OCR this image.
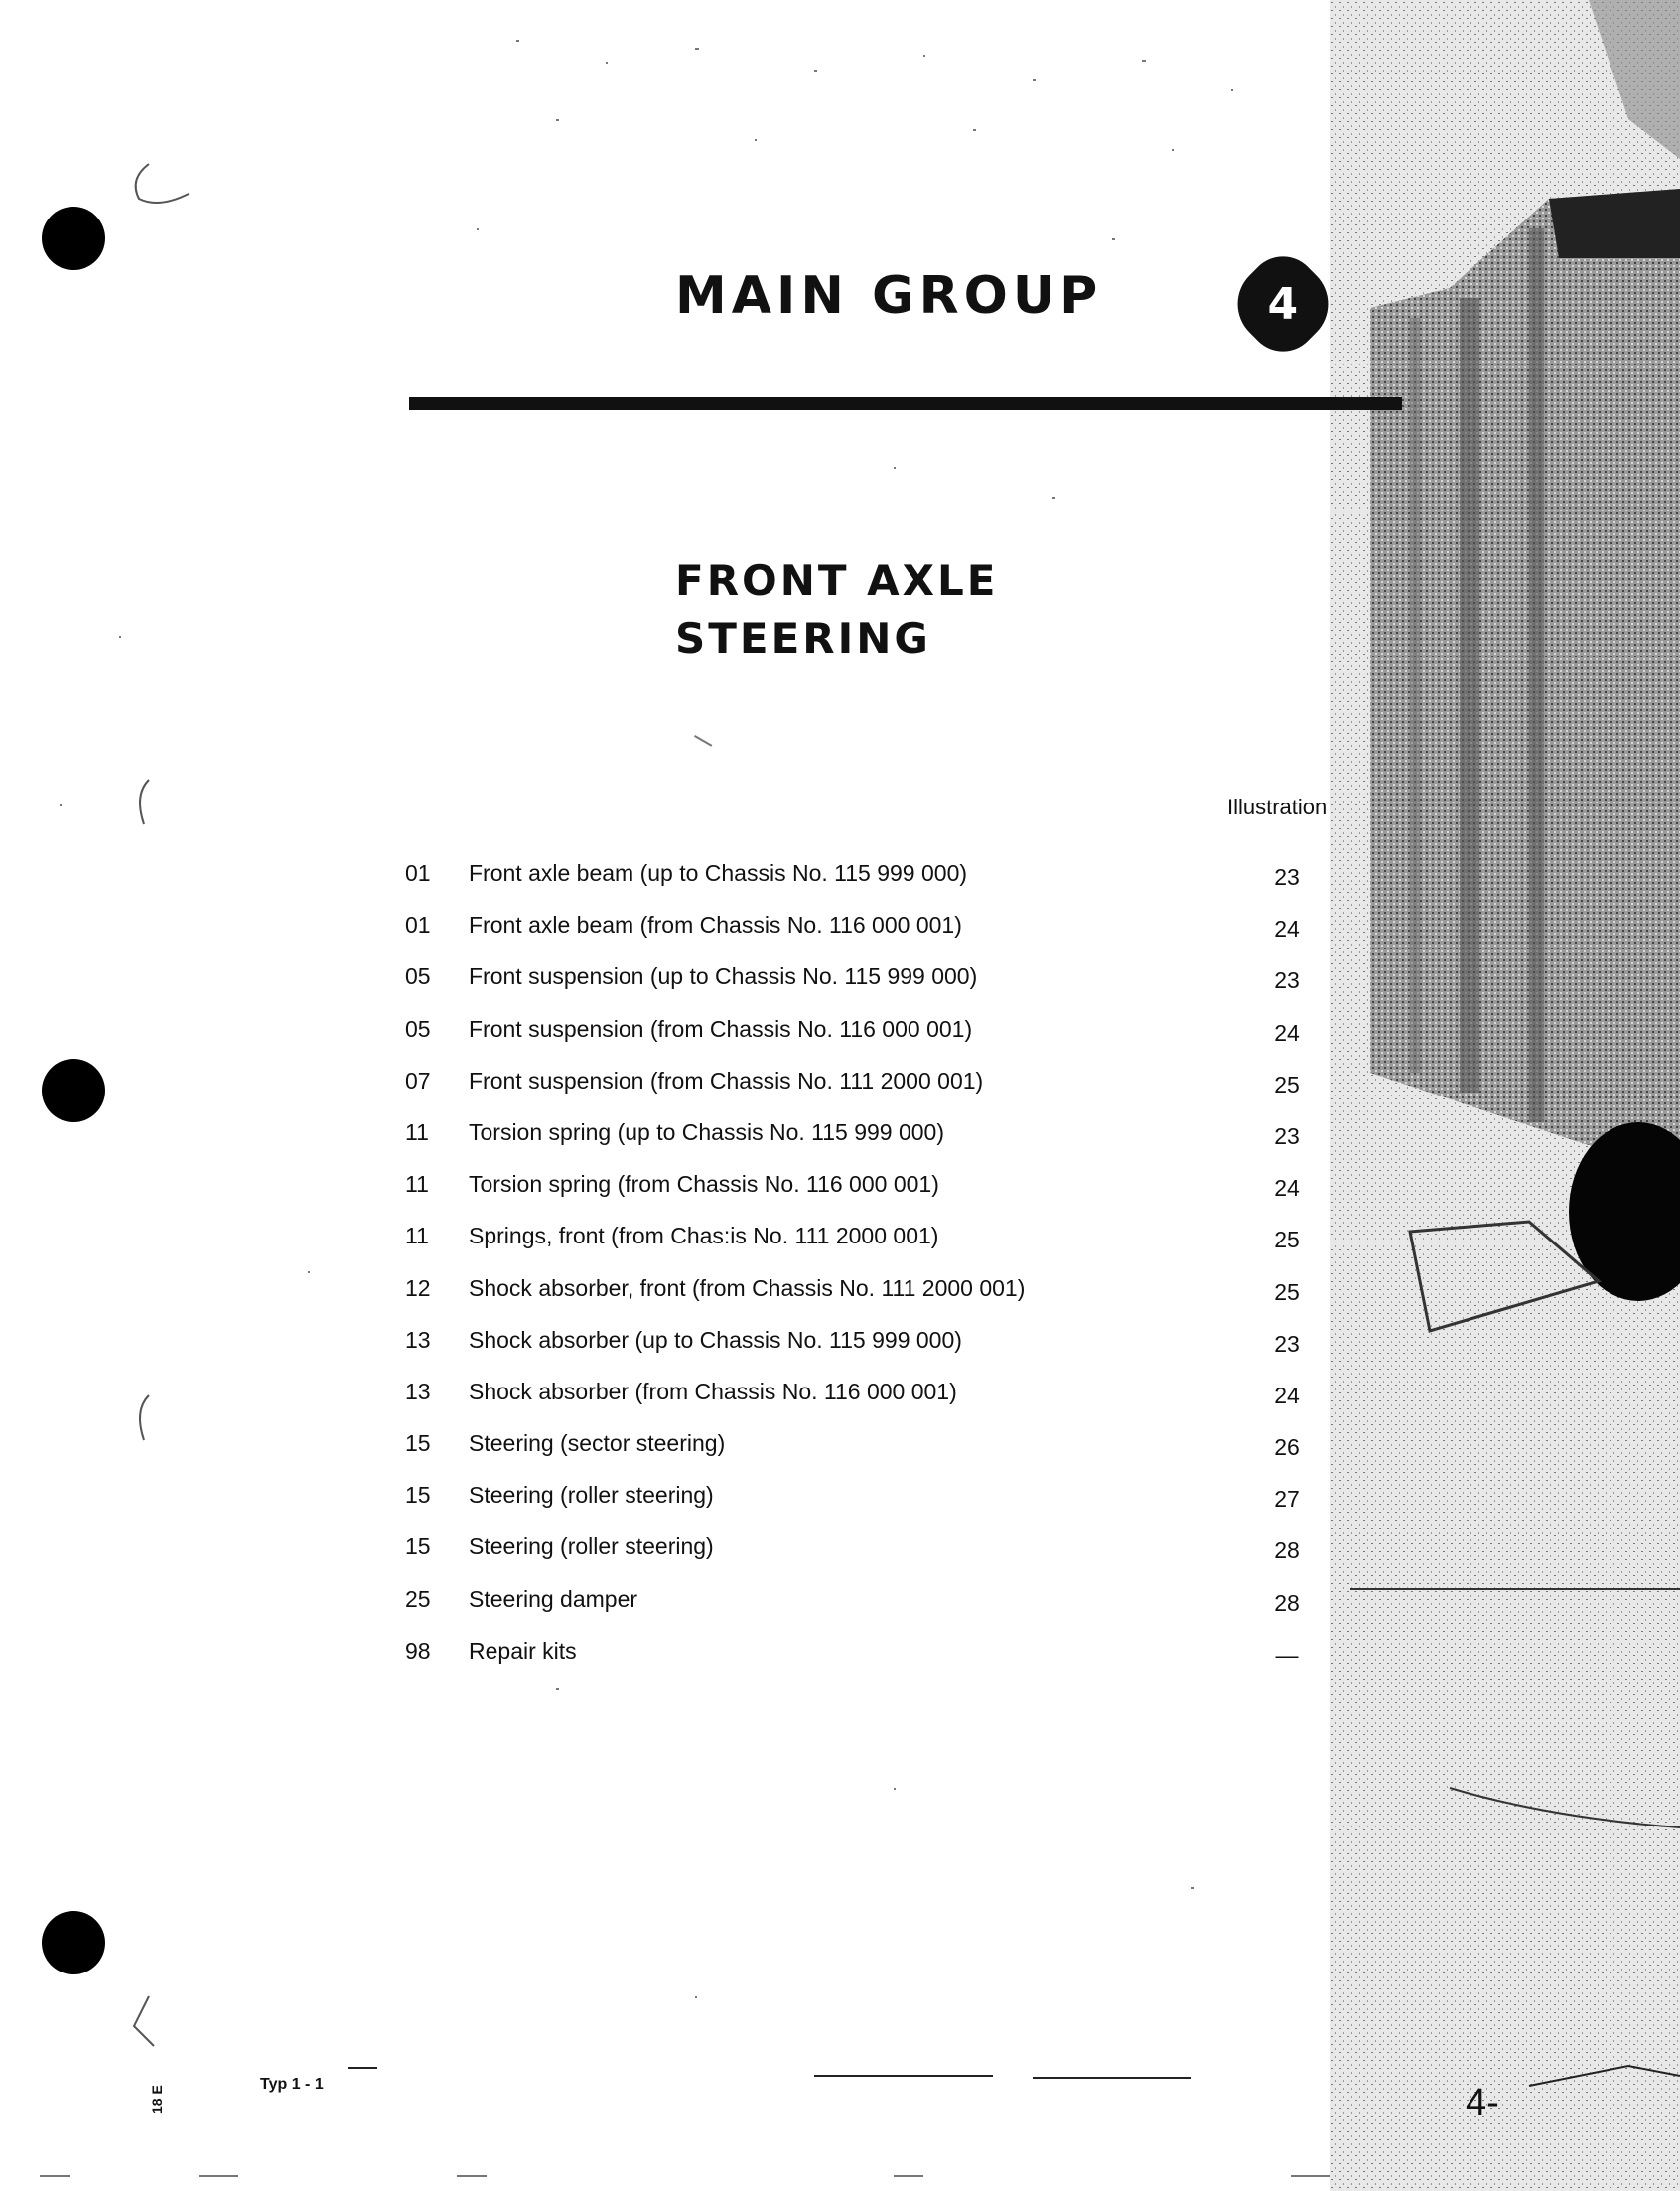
MAIN GROUP	4
FRONT AXLE
STEERING
Illustration
01	Front axle beam (up to Chassis No. 115 999 000)	23
01	Front axle beam (from Chassis No. 116 000 001)	24
05	Front suspension (up to Chassis No. 115 999 000)	23
05	Front suspension (from Chassis No. 116 000 001)	24
07	Front suspension (from Chassis No. 111 2000 001)	25
11	Torsion spring (up to Chassis No. 115 999 000)	23
11	Torsion spring (from Chassis No. 116 000 001)	24
11	Springs, front (from Chas:is No. 111 2000 001)	25
12	Shock absorber, front (from Chassis No. 111 2000 001)	25
13	Shock absorber (up to Chassis No. 115 999 000)	23
13	Shock absorber (from Chassis No. 116 000 001)	24
15	Steering (sector steering)	26
15	Steering (roller steering)	27
15	Steering (roller steering)	28
25	Steering damper	28
98	Repair kits	—
Typ 1 - 1	4-
18 E
